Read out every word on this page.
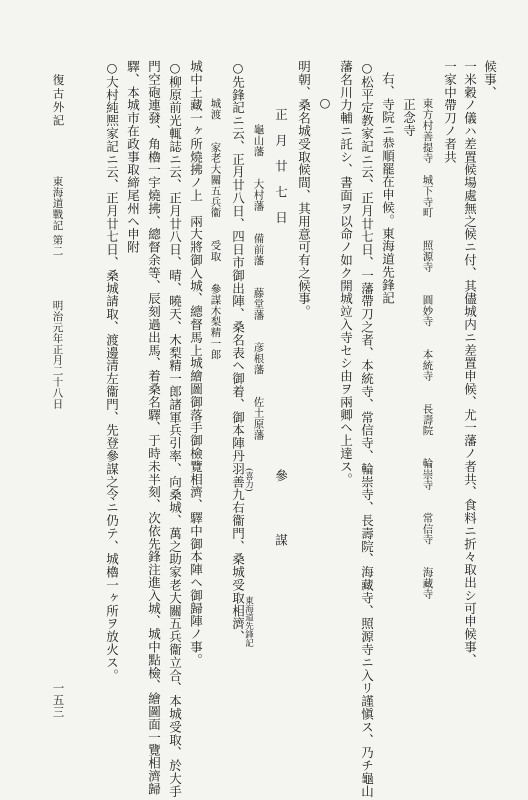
候事、
一米穀ノ儀ハ差置候場處無之候ニ付、其儘城内ニ差置申候、尤一藩ノ者共、食料ニ折々取出シ可申候事、
一家中帶刀ノ者共
東方村善提寺　城下寺町　　照源寺　　圓妙寺　　本統寺　　長壽院　　輪崇寺　　常信寺　　海藏寺
正念寺
右、寺院ニ恭順罷在申候。東海道先鋒記
○松平定教家記ニ云、正月廿七日、一藩帶刀之者、本統寺、常信寺、輪崇寺、長壽院、海藏寺、照源寺ニ入リ謹愼ス、乃チ龜山
藩名川力輔ニ託シ、書面ヲ以命ノ如ク開城竝入寺セシ由ヲ兩卿ヘ上達ス。
○
明朝、桑名城受取候間、其用意可有之候事。
正　月　廿　七　日　　　　　　　　　　　　　　　　　　　參　　　　謀
龜山藩　　大村藩　　備前藩　　藤堂藩　　彦根藩　　佐土原藩
○先鋒記ニ云、正月廿八日、四日市御出陣、桑名表ヘ御着、御本陣丹羽善九右衞門、桑城受取相濟、
城渡　　家老大關五兵衞　　受取　　參謀木梨精一郎
城中土藏一ヶ所燒拂ノ上　兩大將御入城、總督馬上城繪圖御落手御檢覽相濟、驛中御本陣ヘ御歸陣ノ事。
○柳原前光輒誌ニ云、正月廿八日、晴、曉天、木梨精一郎諸軍兵引率、向桑城、萬之助家老大關五兵衞立合、本城受取、於大手
門空砲連發、角櫓一宇燒拂、總督余等、辰刻過出馬、着桑名驛、于時未半刻、次依先鋒注進入城、城中點檢、繪圖面一覽相濟歸
驛、本城市在政事取締尾州ヘ申附
○大村純熈家記ニ云、正月廿七日、桑城請取、渡邊清左衞門、先登參謀之令ニ仍テ、城櫓一ヶ所ヲ放火ス。	(喜力)
東海道先鋒記
復古外記
東海道戰記 第二
明治元年正月二十八日
一五三
